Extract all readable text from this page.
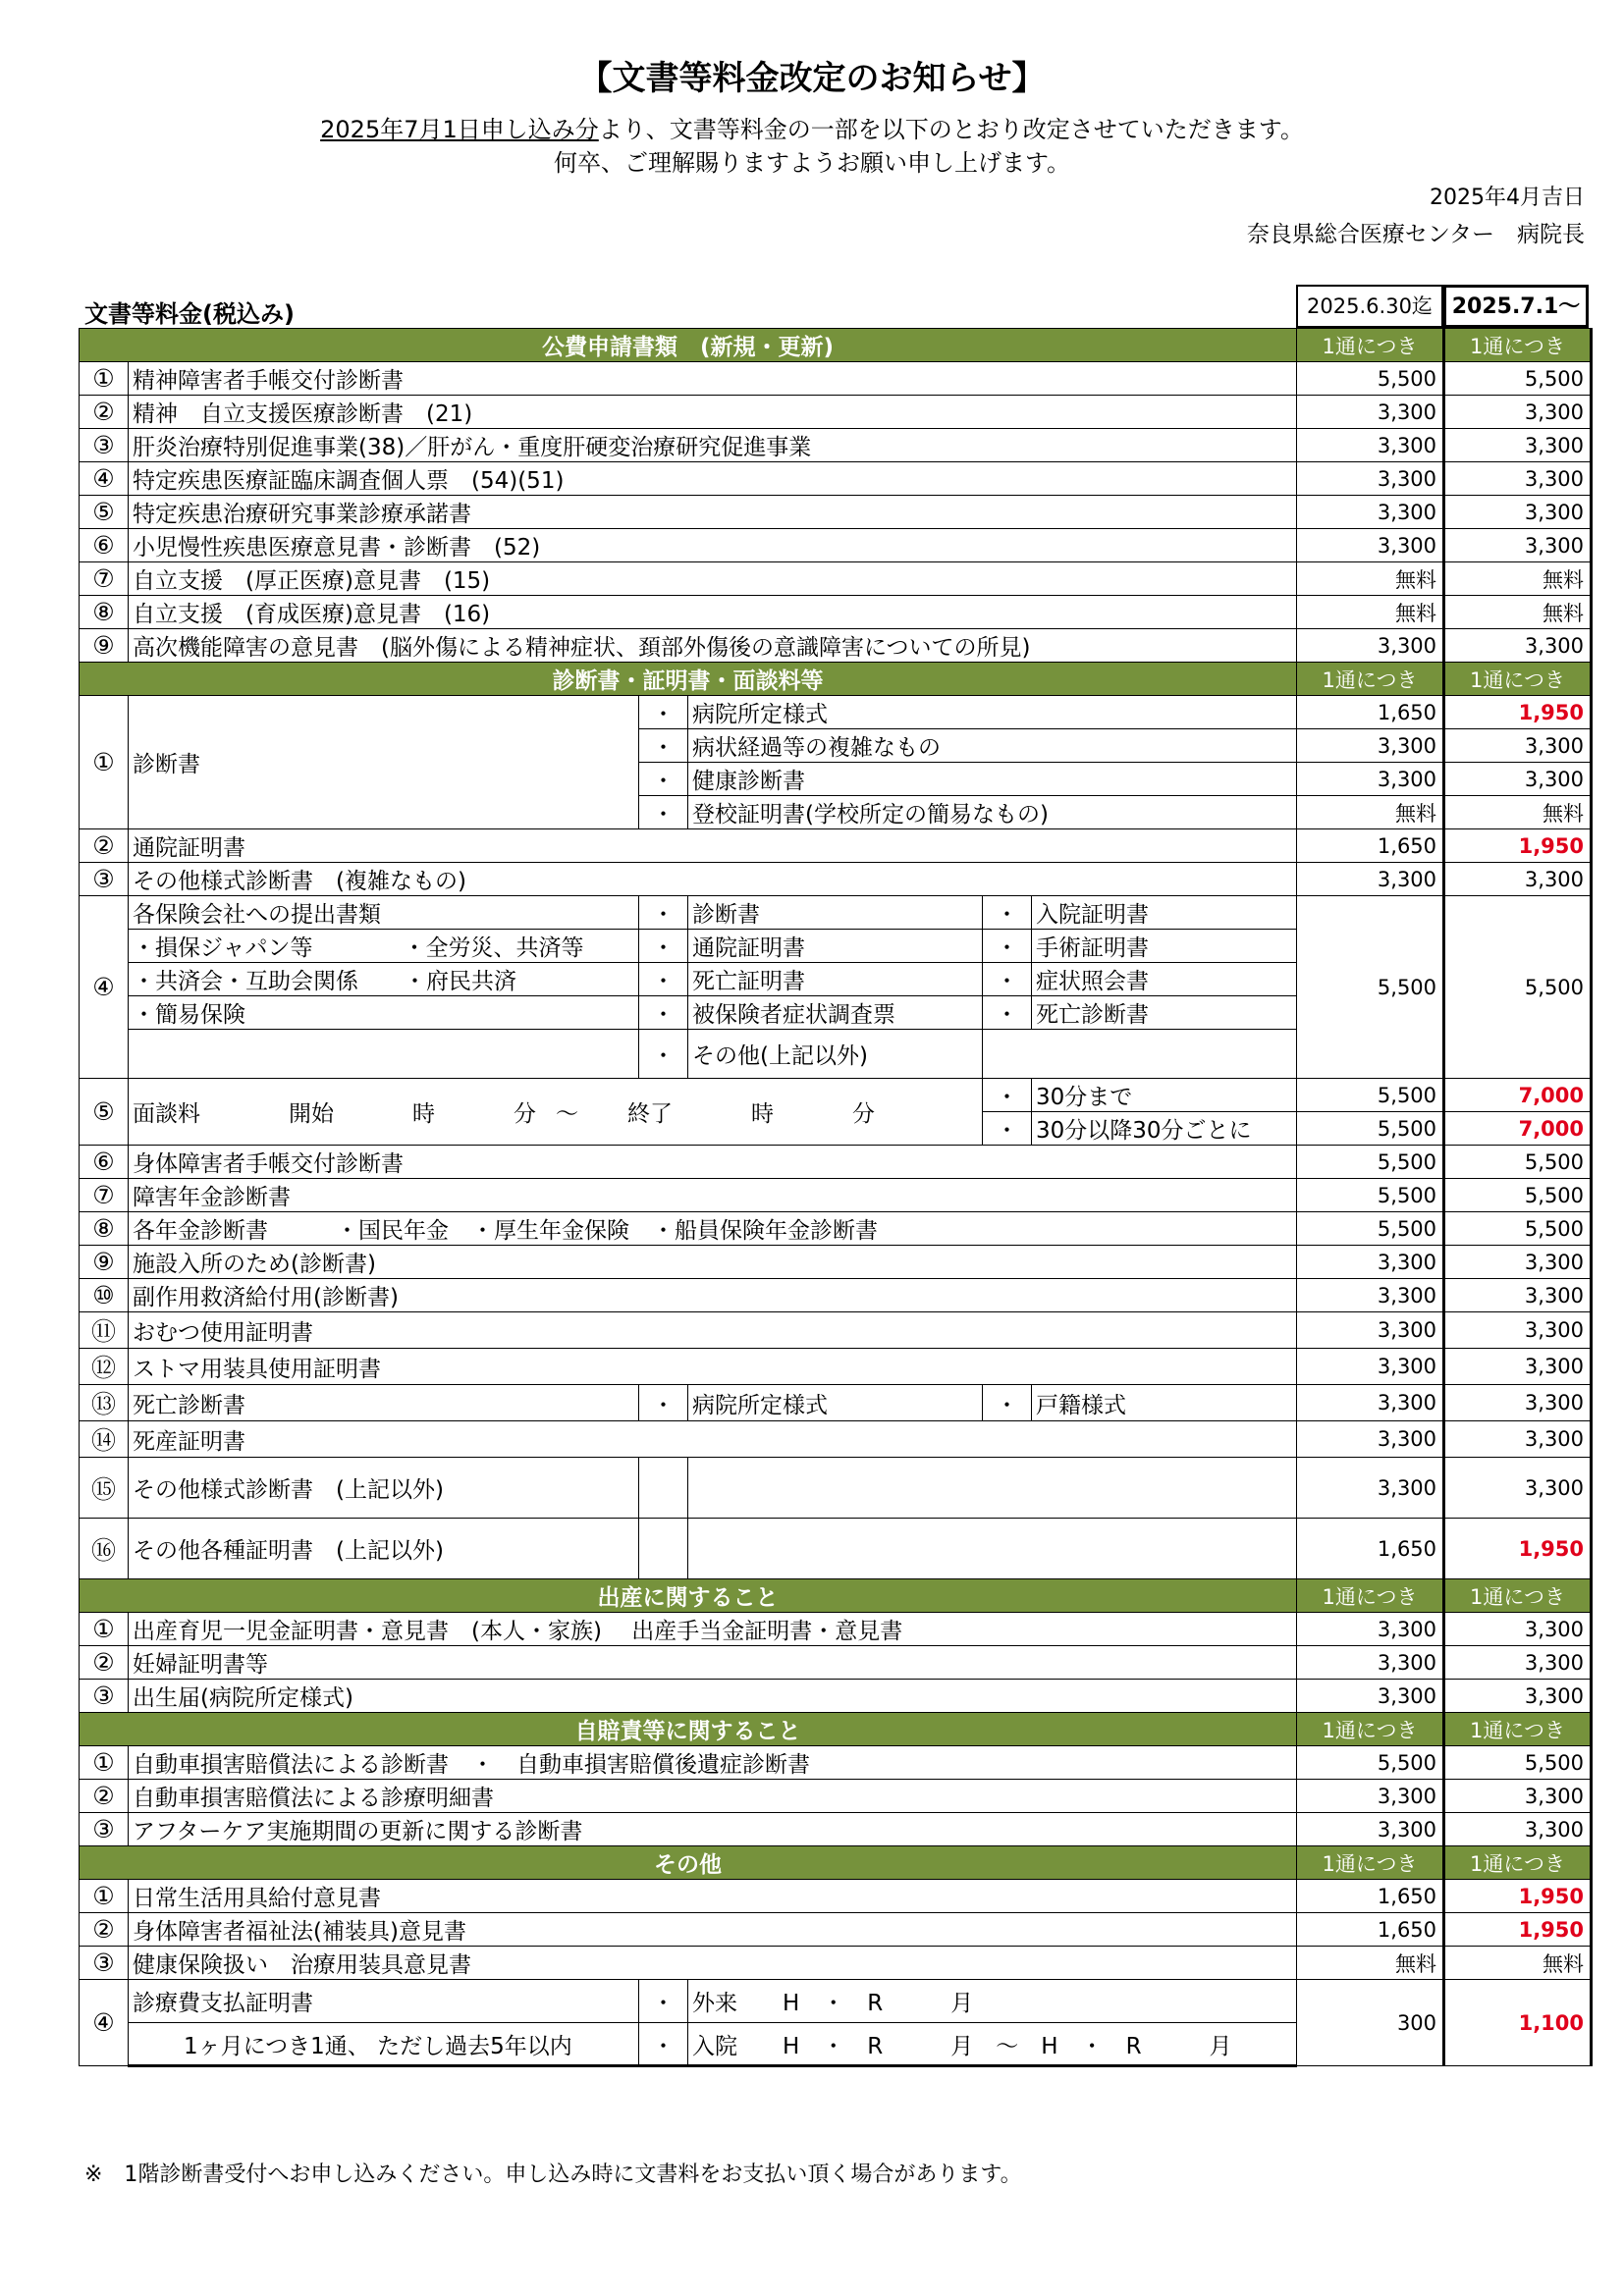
【文書等料金改定のお知らせ】
2025年7月1日申し込み分より、文書等料金の一部を以下のとおり改定させていただきます。
何卒、ご理解賜りますようお願い申し上げます。
2025年4月吉日
奈良県総合医療センター　病院長
文書等料金(税込み)	2025.6.30迄 2025.7.1～
公費申請書類　(新規・更新)						1通につき	1通につき
①	精神障害者手帳交付診断書					5,500	5,500
②	精神　自立支援医療診断書　(21)					3,300	3,300
③	肝炎治療特別促進事業(38)／肝がん・重度肝硬変治療研究促進事業					3,300	3,300
④	特定疾患医療証臨床調査個人票　(54)(51)					3,300	3,300
⑤	特定疾患治療研究事業診療承諾書					3,300	3,300
⑥	小児慢性疾患医療意見書・診断書　(52)					3,300	3,300
⑦	自立支援　(厚正医療)意見書　(15)					無料	無料
⑧	自立支援　(育成医療)意見書　(16)					無料	無料
⑨	高次機能障害の意見書　(脳外傷による精神症状、頚部外傷後の意識障害についての所見)					3,300	3,300
診断書・証明書・面談料等						1通につき	1通につき
①	診断書	・	病院所定様式			1,650	1,950
		・	病状経過等の複雑なもの			3,300	3,300
		・	健康診断書			3,300	3,300
		・	登校証明書(学校所定の簡易なもの)			無料	無料
②	通院証明書					1,650	1,950
③	その他様式診断書　(複雑なもの)					3,300	3,300
④	各保険会社への提出書類	・	診断書	・	入院証明書	5,500	5,500
	・損保ジャパン等　　　　・全労災、共済等	・	通院証明書	・	手術証明書		
	・共済会・互助会関係　　・府民共済	・	死亡証明書	・	症状照会書		
	・簡易保険	・	被保険者症状調査票	・	死亡診断書		
		・	その他(上記以外)				
⑤	面談料 開始 時 分 ～ 終了 時 分			・	30分まで	5,500	7,000
				・	30分以降30分ごとに	5,500	7,000
⑥	身体障害者手帳交付診断書					5,500	5,500
⑦	障害年金診断書					5,500	5,500
⑧	各年金診断書　　　・国民年金　・厚生年金保険　・船員保険年金診断書					5,500	5,500
⑨	施設入所のため(診断書)					3,300	3,300
⑩	副作用救済給付用(診断書)					3,300	3,300
⑪	おむつ使用証明書					3,300	3,300
⑫	ストマ用装具使用証明書					3,300	3,300
⑬	死亡診断書	・	病院所定様式	・	戸籍様式	3,300	3,300
⑭	死産証明書					3,300	3,300
⑮	その他様式診断書　(上記以外)					3,300	3,300
⑯	その他各種証明書　(上記以外)					1,650	1,950
出産に関すること						1通につき	1通につき
①	出産育児一児金証明書・意見書　(本人・家族)　 出産手当金証明書・意見書					3,300	3,300
②	妊婦証明書等					3,300	3,300
③	出生届(病院所定様式)					3,300	3,300
自賠責等に関すること						1通につき	1通につき
①	自動車損害賠償法による診断書　・　自動車損害賠償後遺症診断書					5,500	5,500
②	自動車損害賠償法による診療明細書					3,300	3,300
③	アフターケア実施期間の更新に関する診断書					3,300	3,300
その他						1通につき	1通につき
①	日常生活用具給付意見書					1,650	1,950
②	身体障害者福祉法(補装具)意見書					1,650	1,950
③	健康保険扱い　治療用装具意見書					無料	無料
④	診療費支払証明書	・	外来　　H　・　R　　　月			300	1,100
	1ヶ月につき1通、 ただし過去5年以内	・	入院　　H　・　R　　　月　～　H　・　R　　　月				
※　1階診断書受付へお申し込みください。申し込み時に文書料をお支払い頂く場合があります。
